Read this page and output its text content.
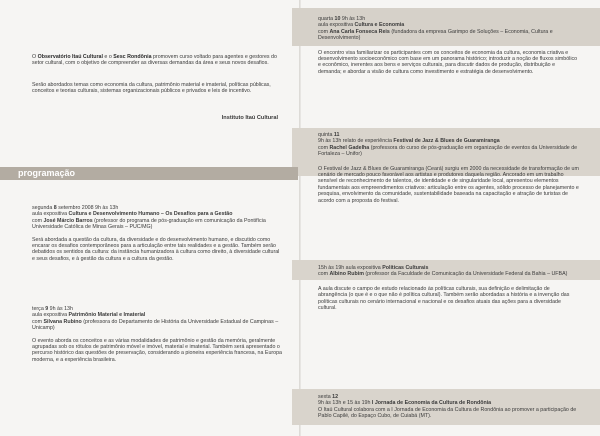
O Observatório Itaú Cultural e o Sesc Rondônia promovem curso voltado para agentes e gestores do setor cultural, com o objetivo de compreender as diversas demandas da área e seus novos desafios.
Serão abordados temas como economia da cultura, patrimônio material e imaterial, políticas públicas, conceitos e teorias culturais, sistemas organizacionais públicos e privados e leis de incentivo.
Instituto Itaú Cultural
programação
segunda 8 setembro 2008 9h às 13h
aula expositiva Cultura e Desenvolvimento Humano – Os Desafios para a Gestão
com José Márcio Barros (professor do programa de pós-graduação em comunicação da Pontifícia Universidade Católica de Minas Gerais – PUC/MG)
Será abordada a questão da cultura, da diversidade e do desenvolvimento humano, e discutido como encarar os desafios contemporâneos para a articulação entre tais realidades e a gestão. Também serão debatidos os sentidos da cultura: da instância humanizadora à cultura como direito, à diversidade cultural e seus desafios, e à gestão da cultura e a cultura da gestão.
terça 9 9h às 13h
aula expositiva Patrimônio Material e Imaterial
com Silvana Rubino (professora do Departamento de História da Universidade Estadual de Campinas – Unicamp)
O evento aborda os conceitos e as várias modalidades de patrimônio e gestão da memória, geralmente agrupadas sob os rótulos de patrimônio móvel e imóvel, material e imaterial. Também será apresentado o percurso histórico das questões de preservação, considerando a pioneira experiência francesa, na Europa moderna, e a experiência brasileira.
quarta 10 9h às 13h
aula expositiva Cultura e Economia
com Ana Carla Fonseca Reis (fundadora da empresa Garimpo de Soluções – Economia, Cultura e Desenvolvimento)
O encontro visa familiarizar os participantes com os conceitos de economia da cultura, economia criativa e desenvolvimento socioeconômico com base em um panorama histórico; introduzir a noção de fluxos simbólico e econômico, inerentes aos bens e serviços culturais, para discutir dados de produção, distribuição e demanda; e abordar a visão de cultura como investimento e estratégia de desenvolvimento.
quinta 11
9h às 13h relato de experiência Festival de Jazz & Blues de Guaramiranga
com Rachel Gadelha (professora do curso de pós-graduação em organização de eventos da Universidade de Fortaleza – Unifor)
O Festival de Jazz & Blues de Guaramiranga (Ceará) surgiu em 2000 da necessidade de transformação de um cenário de mercado pouco favorável aos artistas e produtores daquela região. Ancorado em um trabalho sensível de reconhecimento de talentos, de identidade e de singularidade local, apresentou elementos fundamentais aos empreendimentos criativos: articulação entre os agentes, sólido processo de planejamento e pesquisa, envolvimento da comunidade, sustentabilidade baseada na capacitação e atração de turistas de acordo com a proposta do festival.
15h às 19h aula expositiva Políticas Culturais
com Albino Rubim (professor da Faculdade de Comunicação da Universidade Federal da Bahia – UFBA)
A aula discute o campo de estudo relacionado às políticas culturais, sua definição e delimitação de abrangência (o que é e o que não é política cultural). Também serão abordadas a história e a invenção das políticas culturais no cenário internacional e nacional e os desafios atuais das ações para a diversidade cultural.
sexta 12
9h às 13h e 15 às 19h I Jornada de Economia da Cultura de Rondônia
O Itaú Cultural colabora com a I Jornada de Economia da Cultura de Rondônia ao promover a participação de Pablo Capilé, do Espaço Cubo, de Cuiabá (MT).
